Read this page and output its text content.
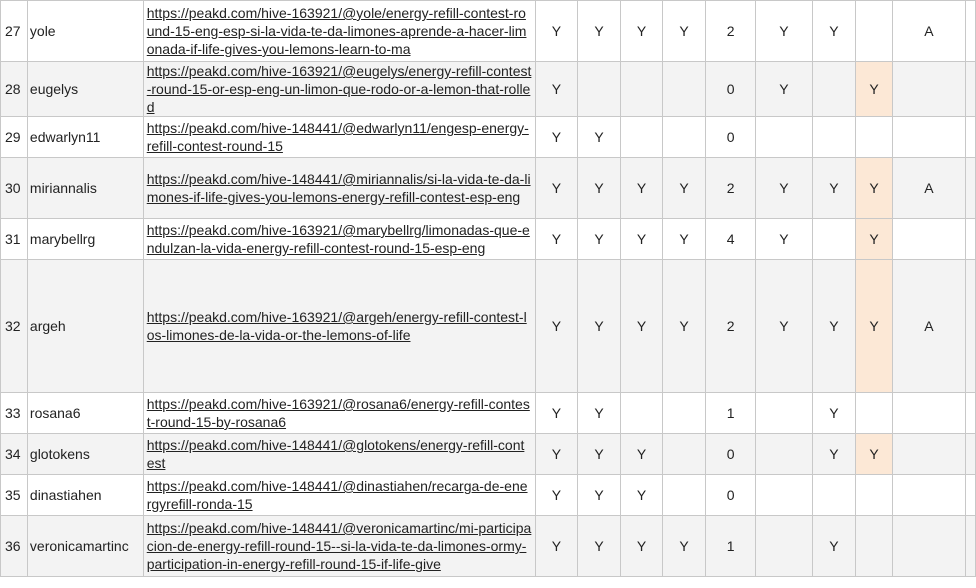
27	yole	https://peakd.com/hive-163921/@yole/energy-refill-contest-round-15-eng-esp-si-la-vida-te-da-limones-aprende-a-hacer-limonada-if-life-gives-you-lemons-learn-to-ma	Y	Y	Y	Y	2	Y	Y		A	
28	eugelys	https://peakd.com/hive-163921/@eugelys/energy-refill-contest-round-15-or-esp-eng-un-limon-que-rodo-or-a-lemon-that-rolled	Y				0	Y		Y		
29	edwarlyn11	https://peakd.com/hive-148441/@edwarlyn11/engesp-energy-refill-contest-round-15	Y	Y			0					
30	miriannalis	https://peakd.com/hive-148441/@miriannalis/si-la-vida-te-da-limones-if-life-gives-you-lemons-energy-refill-contest-esp-eng	Y	Y	Y	Y	2	Y	Y	Y	A	
31	marybellrg	https://peakd.com/hive-163921/@marybellrg/limonadas-que-endulzan-la-vida-energy-refill-contest-round-15-esp-eng	Y	Y	Y	Y	4	Y		Y		
32	argeh	https://peakd.com/hive-163921/@argeh/energy-refill-contest-los-limones-de-la-vida-or-the-lemons-of-life	Y	Y	Y	Y	2	Y	Y	Y	A	
33	rosana6	https://peakd.com/hive-163921/@rosana6/energy-refill-contest-round-15-by-rosana6	Y	Y			1		Y			
34	glotokens	https://peakd.com/hive-148441/@glotokens/energy-refill-contest	Y	Y	Y		0		Y	Y		
35	dinastiahen	https://peakd.com/hive-148441/@dinastiahen/recarga-de-energyrefill-ronda-15	Y	Y	Y		0					
36	veronicamartinc	https://peakd.com/hive-148441/@veronicamartinc/mi-participacion-de-energy-refill-round-15--si-la-vida-te-da-limones-ormy-participation-in-energy-refill-round-15-if-life-give	Y	Y	Y	Y	1		Y			
